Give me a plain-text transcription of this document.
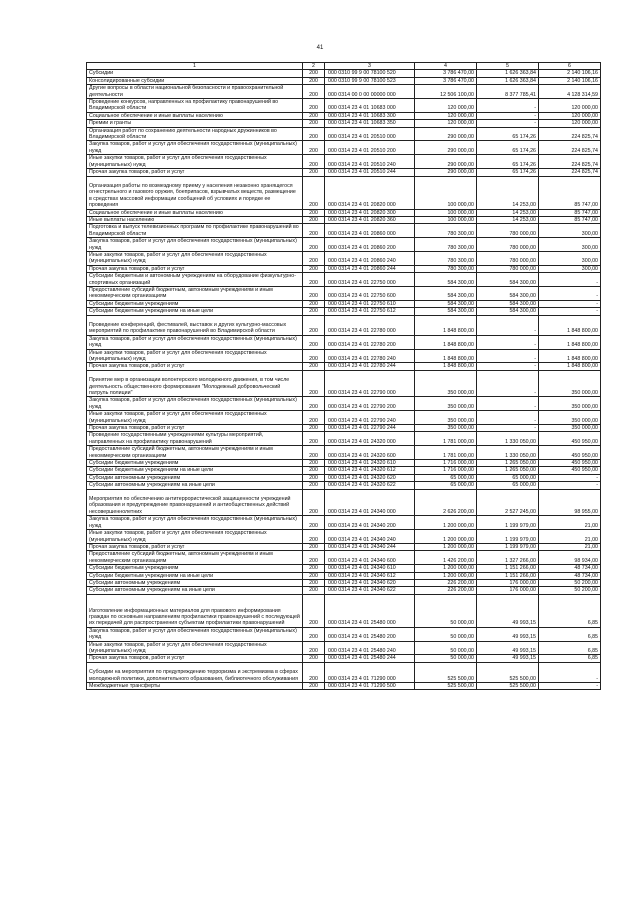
41
1	2	3	4	5	6
Субсидии	200	000 0310 99 9 00 78100 520	3 786 470,00	1 626 363,84	2 140 106,16
Консолидированные субсидии	200	000 0310 99 9 00 78100 523	3 786 470,00	1 626 363,84	2 140 106,16
Другие вопросы в области национальной безопасности и правоохранительной деятельности	200	000 0314 00 0 00 00000 000	12 506 100,00	8 377 785,41	4 128 314,59
Проведение конкурсов, направленных на профилактику правонарушений во Владимирской области	200	000 0314 23 4 01 10683 000	120 000,00	-	120 000,00
Социальное обеспечение и иные выплаты населению	200	000 0314 23 4 01 10683 300	120 000,00	-	120 000,00
Премии и гранты	200	000 0314 23 4 01 10683 350	120 000,00	-	120 000,00
Организация работ по сохранению деятельности народных дружинников во Владимирской области	200	000 0314 23 4 01 20510 000	290 000,00	65 174,26	224 825,74
Закупка товаров, работ и услуг для обеспечения государственных (муниципальных) нужд	200	000 0314 23 4 01 20510 200	290 000,00	65 174,26	224 825,74
Иные закупки товаров, работ и услуг для обеспечения государственных (муниципальных) нужд	200	000 0314 23 4 01 20510 240	290 000,00	65 174,26	224 825,74
Прочая закупка товаров, работ и услуг	200	000 0314 23 4 01 20510 244	290 000,00	65 174,26	224 825,74
Организация работы по возмездному приему у населения незаконно хранящегося огнестрельного и газового оружия, боеприпасов, взрывчатых веществ, размещение в средствах массовой информации сообщений об условиях и порядке ее проведения	200	000 0314 23 4 01 20820 000	100 000,00	14 253,00	85 747,00
Социальное обеспечение и иные выплаты населению	200	000 0314 23 4 01 20820 300	100 000,00	14 253,00	85 747,00
Иные выплаты населению	200	000 0314 23 4 01 20820 360	100 000,00	14 253,00	85 747,00
Подготовка и выпуск телевизионных программ по профилактике правонарушений во Владимирской области	200	000 0314 23 4 01 20860 000	780 300,00	780 000,00	300,00
Закупка товаров, работ и услуг для обеспечения государственных (муниципальных) нужд	200	000 0314 23 4 01 20860 200	780 300,00	780 000,00	300,00
Иные закупки товаров, работ и услуг для обеспечения государственных (муниципальных) нужд	200	000 0314 23 4 01 20860 240	780 300,00	780 000,00	300,00
Прочая закупка товаров, работ и услуг	200	000 0314 23 4 01 20860 244	780 300,00	780 000,00	300,00
Субсидии бюджетным и автономным учреждениям на оборудование физкультурно-спортивных организаций	200	000 0314 23 4 01 22750 000	584 300,00	584 300,00	-
Предоставление субсидий бюджетным, автономным учреждениям и иным некоммерческим организациям	200	000 0314 23 4 01 22750 600	584 300,00	584 300,00	-
Субсидии бюджетным учреждениям	200	000 0314 23 4 01 22750 610	584 300,00	584 300,00	-
Субсидии бюджетным учреждениям на иные цели	200	000 0314 23 4 01 22750 612	584 300,00	584 300,00	-
Проведение конференций, фестивалей, выставок и других культурно-массовых мероприятий по профилактике правонарушений во Владимирской области	200	000 0314 23 4 01 22780 000	1 848 800,00	-	1 848 800,00
Закупка товаров, работ и услуг для обеспечения государственных (муниципальных) нужд	200	000 0314 23 4 01 22780 200	1 848 800,00	-	1 848 800,00
Иные закупки товаров, работ и услуг для обеспечения государственных (муниципальных) нужд	200	000 0314 23 4 01 22780 240	1 848 800,00	-	1 848 800,00
Прочая закупка товаров, работ и услуг	200	000 0314 23 4 01 22780 244	1 848 800,00	-	1 848 800,00
Принятие мер в организации волонтерского молодежного движения, в том числе деятельность общественного формирования "Молодежный добровольческий патруль полиции"	200	000 0314 23 4 01 22790 000	350 000,00	-	350 000,00
Закупка товаров, работ и услуг для обеспечения государственных (муниципальных) нужд	200	000 0314 23 4 01 22790 200	350 000,00	-	350 000,00
Иные закупки товаров, работ и услуг для обеспечения государственных (муниципальных) нужд	200	000 0314 23 4 01 22790 240	350 000,00	-	350 000,00
Прочая закупка товаров, работ и услуг	200	000 0314 23 4 01 22790 244	350 000,00	-	350 000,00
Проведение государственными учреждениями культуры мероприятий, направленных на профилактику правонарушений	200	000 0314 23 4 01 24320 000	1 781 000,00	1 330 050,00	450 950,00
Предоставление субсидий бюджетным, автономным учреждениям и иным некоммерческим организациям	200	000 0314 23 4 01 24320 600	1 781 000,00	1 330 050,00	450 950,00
Субсидии бюджетным учреждениям	200	000 0314 23 4 01 24320 610	1 716 000,00	1 265 050,00	450 950,00
Субсидии бюджетным учреждениям на иные цели	200	000 0314 23 4 01 24320 612	1 716 000,00	1 265 050,00	450 950,00
Субсидии автономным учреждениям	200	000 0314 23 4 01 24320 620	65 000,00	65 000,00	-
Субсидии автономным учреждениям на иные цели	200	000 0314 23 4 01 24320 622	65 000,00	65 000,00	-
Мероприятия по обеспечению антитеррористической защищенности учреждений образования и предупреждение правонарушений и антиобщественных действий несовершеннолетних	200	000 0314 23 4 01 24340 000	2 626 200,00	2 527 245,00	98 955,00
Закупка товаров, работ и услуг для обеспечения государственных (муниципальных) нужд	200	000 0314 23 4 01 24340 200	1 200 000,00	1 199 979,00	21,00
Иные закупки товаров, работ и услуг для обеспечения государственных (муниципальных) нужд	200	000 0314 23 4 01 24340 240	1 200 000,00	1 199 979,00	21,00
Прочая закупка товаров, работ и услуг	200	000 0314 23 4 01 24340 244	1 200 000,00	1 199 979,00	21,00
Предоставление субсидий бюджетным, автономным учреждениям и иным некоммерческим организациям	200	000 0314 23 4 01 24340 600	1 426 200,00	1 327 266,00	98 934,00
Субсидии бюджетным учреждениям	200	000 0314 23 4 01 24340 610	1 200 000,00	1 151 266,00	48 734,00
Субсидии бюджетным учреждениям на иные цели	200	000 0314 23 4 01 24340 612	1 200 000,00	1 151 266,00	48 734,00
Субсидии автономным учреждениям	200	000 0314 23 4 01 24340 620	226 200,00	176 000,00	50 200,00
Субсидии автономным учреждениям на иные цели	200	000 0314 23 4 01 24340 622	226 200,00	176 000,00	50 200,00
Изготовление информационных материалов для правового информирования граждан по основным направлениям профилактики правонарушений с последующей их передачей для распространения субъектам профилактики правонарушений	200	000 0314 23 4 01 25480 000	50 000,00	49 993,15	6,85
Закупка товаров, работ и услуг для обеспечения государственных (муниципальных) нужд	200	000 0314 23 4 01 25480 200	50 000,00	49 993,15	6,85
Иные закупки товаров, работ и услуг для обеспечения государственных (муниципальных) нужд	200	000 0314 23 4 01 25480 240	50 000,00	49 993,15	6,85
Прочая закупка товаров, работ и услуг	200	000 0314 23 4 01 25480 244	50 000,00	49 993,15	6,85
Субсидии на мероприятия по предупреждению терроризма и экстремизма в сферах молодежной политики, дополнительного образования, библиотечного обслуживания	200	000 0314 23 4 01 71290 000	525 500,00	525 500,00	-
Межбюджетные трансферты	200	000 0314 23 4 01 71290 500	525 500,00	525 500,00	-
